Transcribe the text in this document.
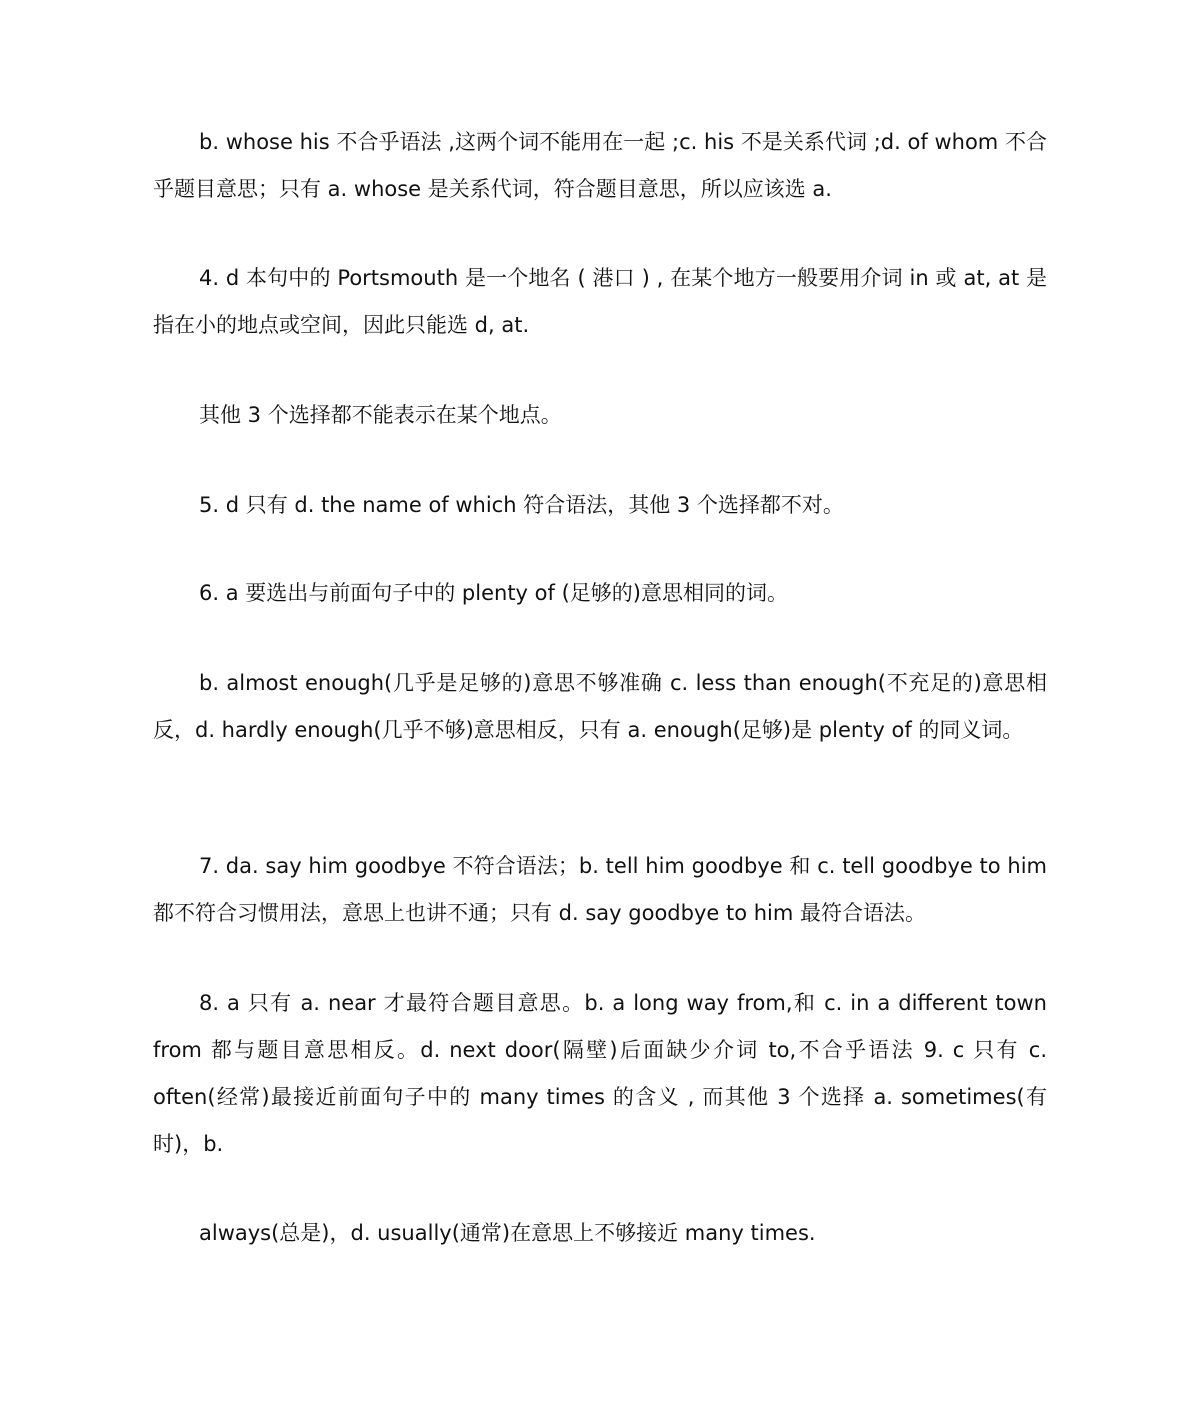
b. whose his 不合乎语法 ,这两个词不能用在一起 ;c. his 不是关系代词 ;d. of whom 不合乎题目意思；只有 a. whose 是关系代词，符合题目意思，所以应该选 a.

4. d 本句中的 Portsmouth 是一个地名 ( 港口 ) , 在某个地方一般要用介词 in 或 at, at 是指在小的地点或空间，因此只能选 d, at.

其他 3 个选择都不能表示在某个地点。

5. d 只有 d. the name of which 符合语法，其他 3 个选择都不对。

6. a 要选出与前面句子中的 plenty of (足够的)意思相同的词。

b. almost enough(几乎是足够的)意思不够准确 c. less than enough(不充足的)意思相反，d. hardly enough(几乎不够)意思相反，只有 a. enough(足够)是 plenty of 的同义词。

7. da. say him goodbye 不符合语法；b. tell him goodbye 和 c. tell goodbye to him 都不符合习惯用法，意思上也讲不通；只有 d. say goodbye to him 最符合语法。

8. a 只有 a. near 才最符合题目意思。b. a long way from,和 c. in a different town from 都与题目意思相反。d. next door(隔壁)后面缺少介词 to,不合乎语法 9. c 只有 c. often(经常)最接近前面句子中的 many times 的含义 , 而其他 3 个选择 a. sometimes(有时)，b.

always(总是)，d. usually(通常)在意思上不够接近 many times.
